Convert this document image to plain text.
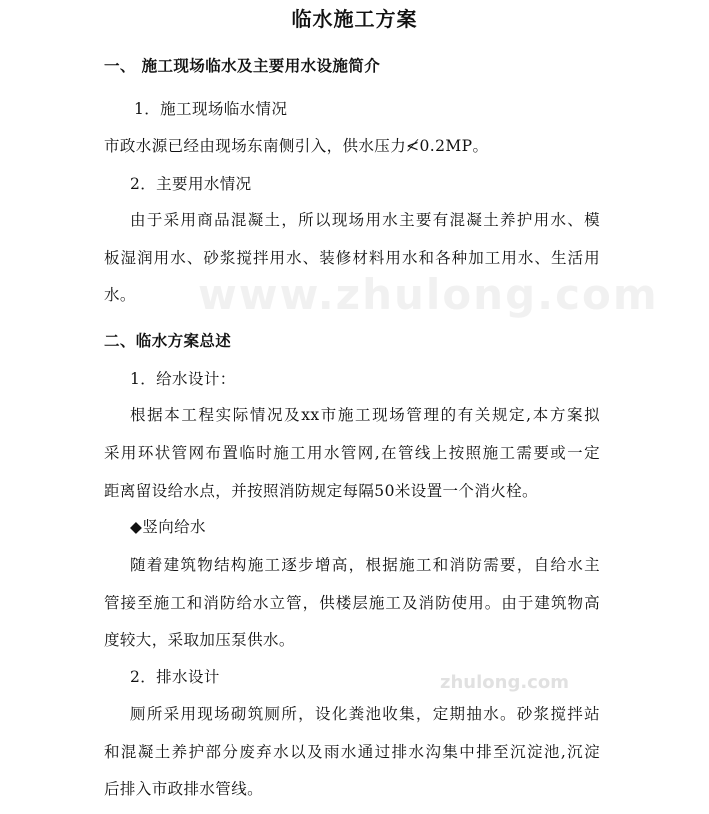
www.zhulong.com
zhulong.com
临水施工方案
一、 施工现场临水及主要用水设施简介
1．施工现场临水情况
市政水源已经由现场东南侧引入，供水压力≮0.2MP。
2．主要用水情况
由于采用商品混凝土，所以现场用水主要有混凝土养护用水、模
板湿润用水、砂浆搅拌用水、装修材料用水和各种加工用水、生活用
水。
二、临水方案总述
1．给水设计：
根据本工程实际情况及xx市施工现场管理的有关规定,本方案拟
采用环状管网布置临时施工用水管网,在管线上按照施工需要或一定
距离留设给水点，并按照消防规定每隔50米设置一个消火栓。
◆竖向给水
随着建筑物结构施工逐步增高，根据施工和消防需要，自给水主
管接至施工和消防给水立管，供楼层施工及消防使用。由于建筑物高
度较大，采取加压泵供水。
2．排水设计
厕所采用现场砌筑厕所，设化粪池收集，定期抽水。砂浆搅拌站
和混凝土养护部分废弃水以及雨水通过排水沟集中排至沉淀池,沉淀
后排入市政排水管线。
